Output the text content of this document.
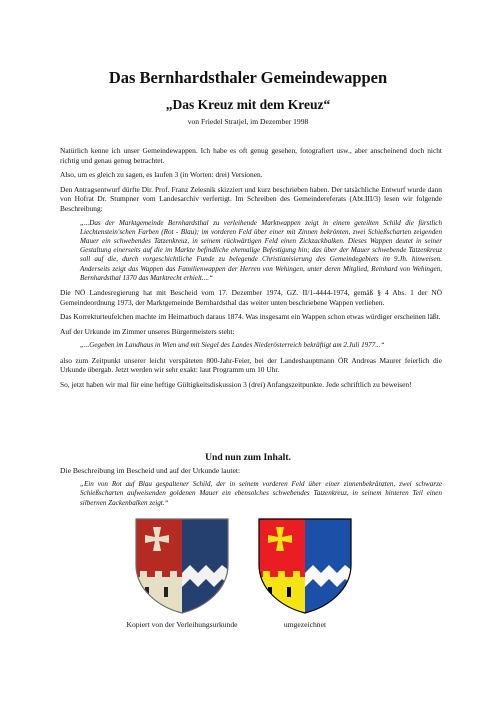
Das Bernhardsthaler Gemeindewappen
„Das Kreuz mit dem Kreuz“

von Friedel Stratjel, im Dezember 1998

Natürlich kenne ich unser Gemeindewappen. Ich habe es oft genug gesehen, fotografiert usw., aber anscheinend doch nicht richtig und genau genug betrachtet.

Also, um es gleich zu sagen, es laufen 3 (in Worten: drei) Versionen.

Den Antragsentwurf dürfte Dir. Prof. Franz Zelesnik skizziert und kurz beschrieben haben. Der tatsächliche Entwurf wurde dann von Hofrat Dr. Stumpner vom Landesarchiv verfertigt. Im Schreiben des Gemeindereferats (Abt.III/3) lesen wir folgende Beschreibung:

„...Das der Marktgemeinde Bernhardsthal zu verleihende Marktwappen zeigt in einem geteilten Schild die fürstlich Liechtenstein'schen Farben (Rot - Blau); im vorderen Feld über einer mit Zinnen bekrönten, zwei Schießscharten zeigenden Mauer ein schwebendes Tatzenkreuz, in seinem rückwärtigen Feld einen Zickzackbalken. Dieses Wappen deutet in seiner Gestaltung einerseits auf die im Markte befindliche ehemalige Befestigung hin; das über der Mauer schwebende Tatzenkreuz soll auf die, durch vorgeschichtliche Funde zu belegende Christianisierung des Gemeindegebiets im 9.Jh. hinweisen. Anderseits zeigt das Wappen das Familienwappen der Herren von Wehingen, unter deren Mitglied, Reinhard von Wehingen, Bernhardsthal 1370 das Marktrecht erhielt....“

Die NÖ Landesregierung hat mit Bescheid vom 17. Dezember 1974, GZ. II/1-4444-1974, gemäß § 4 Abs. 1 der NÖ Gemeindeordnung 1973, der Marktgemeinde Bernhardsthal das weiter unten beschriebene Wappen verliehen.

Das Korrekturteufelchen machte im Heimatbuch daraus 1874. Was insgesamt ein Wappen schon etwas würdiger erscheinen läßt.

Auf der Urkunde im Zimmer unseres Bürgermeisters steht:

„...Gegeben im Landhaus in Wien und mit Siegel des Landes Niederösterreich bekräftigt am 2.Juli 1977...“

also zum Zeitpunkt unserer leicht verspäteten 800-Jahr-Feier, bei der Landeshauptmann ÖR Andreas Maurer feierlich die Urkunde übergab. Jetzt werden wir sehr exakt: laut Programm um 10 Uhr.

So, jetzt haben wir mal für eine heftige Gültigkeitsdiskussion 3 (drei) Anfangszeitpunkte. Jede schriftlich zu beweisen!

Und nun zum Inhalt.

Die Beschreibung im Bescheid und auf der Urkunde lautet:

„Ein von Rot auf Blau gespaltener Schild, der in seinem vorderen Feld über einer zinnenbekränzten, zwei schwarze Schießscharten aufweisenden goldenen Mauer ein ebensolches schwebendes Tatzenkreuz, in seinem hinteren Teil einen silbernen Zackenbalken zeigt.“

Kopiert von der Verleihungsurkunde	umgezeichnet
